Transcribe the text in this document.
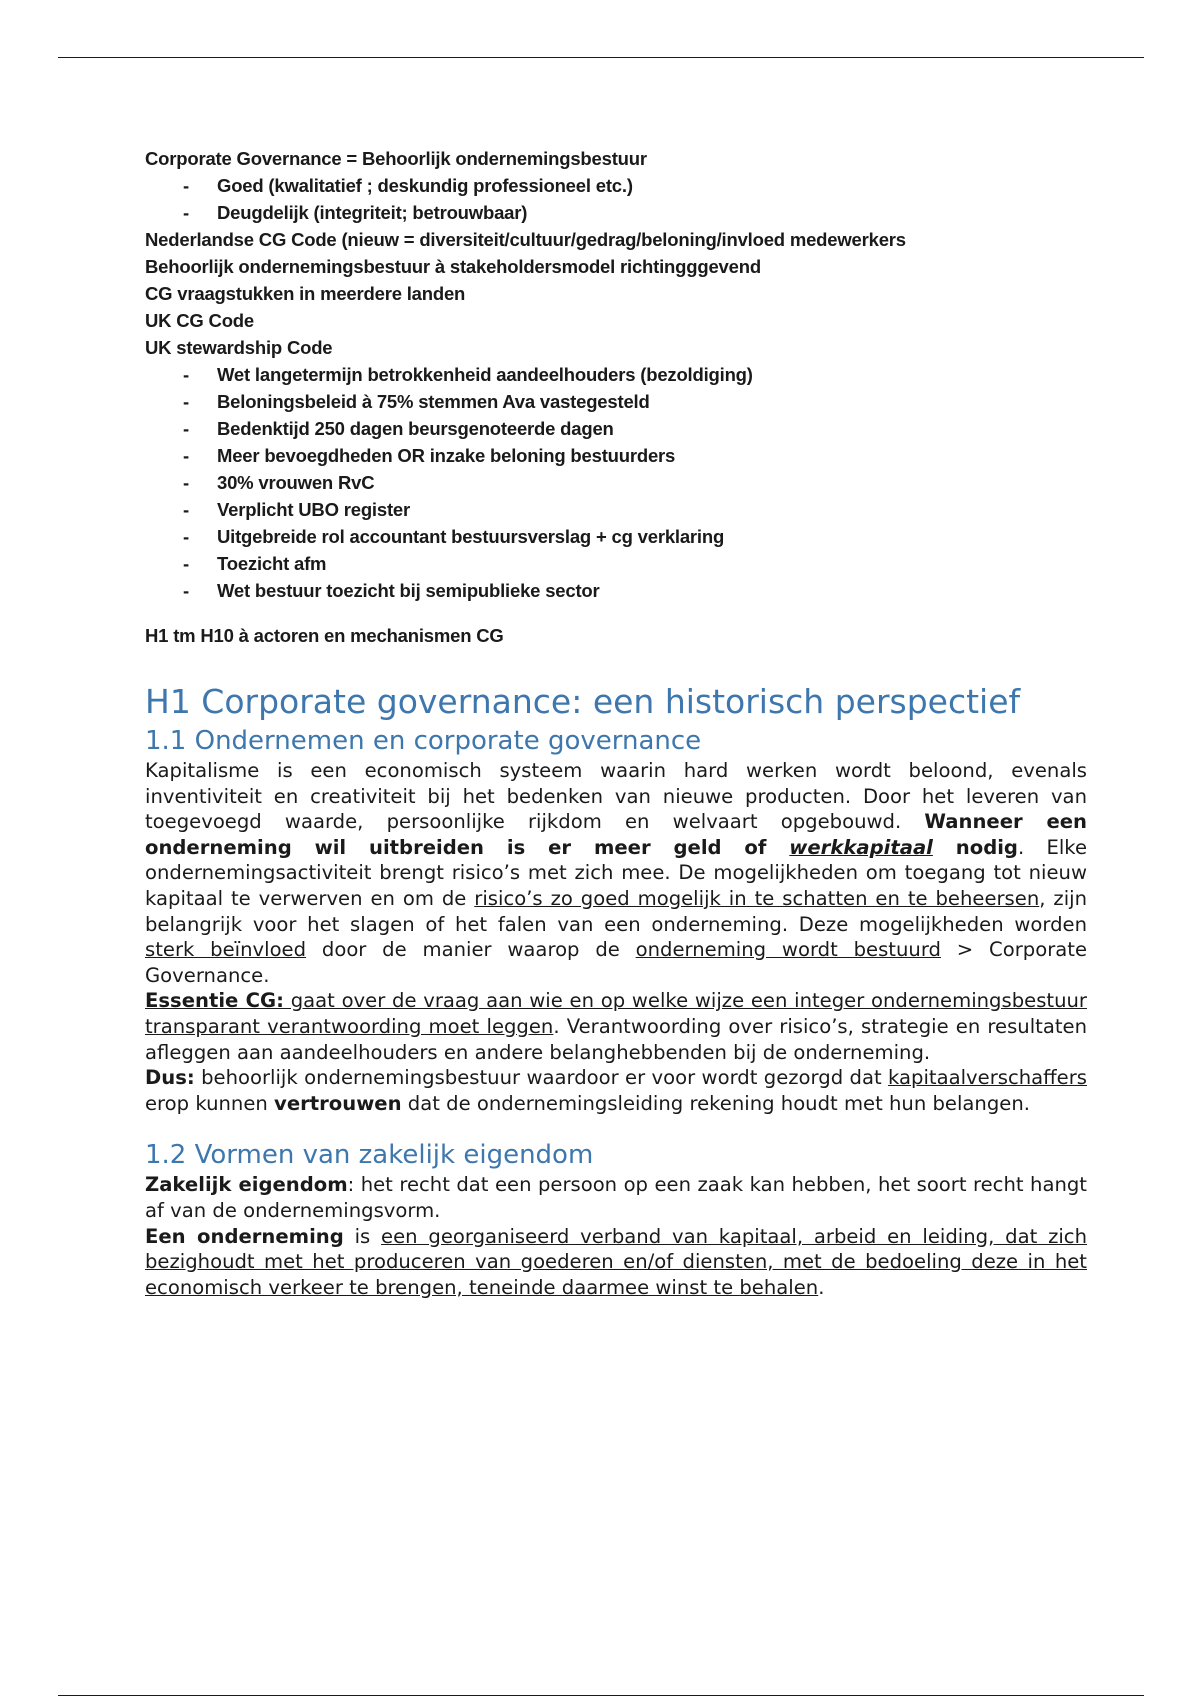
Corporate Governance = Behoorlijk ondernemingsbestuur
- Goed (kwalitatief ; deskundig professioneel etc.)
- Deugdelijk (integriteit; betrouwbaar)
Nederlandse CG Code (nieuw = diversiteit/cultuur/gedrag/beloning/invloed medewerkers
Behoorlijk ondernemingsbestuur à stakeholdersmodel richtingggevend
CG vraagstukken in meerdere landen
UK CG Code
UK stewardship Code
- Wet langetermijn betrokkenheid aandeelhouders (bezoldiging)
- Beloningsbeleid à 75% stemmen Ava vastegesteld
- Bedenktijd 250 dagen beursgenoteerde dagen
- Meer bevoegdheden OR inzake beloning bestuurders
- 30% vrouwen RvC
- Verplicht UBO register
- Uitgebreide rol accountant bestuursverslag + cg verklaring
- Toezicht afm
- Wet bestuur toezicht bij semipublieke sector
H1 tm H10 à actoren en mechanismen CG
H1 Corporate governance: een historisch perspectief
1.1 Ondernemen en corporate governance

Kapitalisme is een economisch systeem waarin hard werken wordt beloond, evenals inventiviteit en creativiteit bij het bedenken van nieuwe producten. Door het leveren van toegevoegd waarde, persoonlijke rijkdom en welvaart opgebouwd. Wanneer een onderneming wil uitbreiden is er meer geld of werkkapitaal nodig. Elke ondernemingsactiviteit brengt risico’s met zich mee. De mogelijkheden om toegang tot nieuw kapitaal te verwerven en om de risico’s zo goed mogelijk in te schatten en te beheersen, zijn belangrijk voor het slagen of het falen van een onderneming. Deze mogelijkheden worden sterk beïnvloed door de manier waarop de onderneming wordt bestuurd > Corporate Governance.

Essentie CG: gaat over de vraag aan wie en op welke wijze een integer ondernemingsbestuur transparant verantwoording moet leggen. Verantwoording over risico’s, strategie en resultaten afleggen aan aandeelhouders en andere belanghebbenden bij de onderneming.

Dus: behoorlijk ondernemingsbestuur waardoor er voor wordt gezorgd dat kapitaalverschaffers erop kunnen vertrouwen dat de ondernemingsleiding rekening houdt met hun belangen.

1.2 Vormen van zakelijk eigendom

Zakelijk eigendom: het recht dat een persoon op een zaak kan hebben, het soort recht hangt af van de ondernemingsvorm.

Een onderneming is een georganiseerd verband van kapitaal, arbeid en leiding, dat zich bezighoudt met het produceren van goederen en/of diensten, met de bedoeling deze in het economisch verkeer te brengen, teneinde daarmee winst te behalen.
